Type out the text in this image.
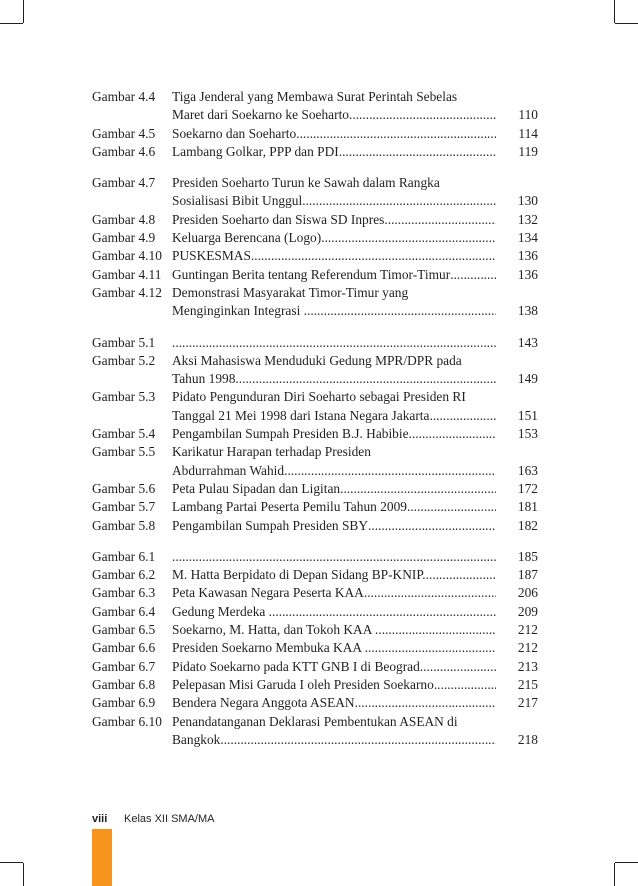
Gambar 4.4 Tiga Jenderal yang Membawa Surat Perintah Sebelas
Maret dari Soekarno ke Soeharto. .....	110
Gambar 4.5 Soekarno dan Soeharto .....	114
Gambar 4.6 Lambang Golkar, PPP dan PDI. .....	119
Gambar 4.7 Presiden Soeharto Turun ke Sawah dalam Rangka
Sosialisasi Bibit Unggul .....	130
Gambar 4.8 Presiden Soeharto dan Siswa SD Inpres. .....	132
Gambar 4.9 Keluarga Berencana (Logo) .....	134
Gambar 4.10 PUSKESMAS .....	136
Gambar 4.11 Guntingan Berita tentang Referendum Timor-Timur .....	136
Gambar 4.12 Demonstrasi Masyarakat Timor-Timur yang
Menginginkan Integrasi . .....	138
Gambar 5.1 .....	143
Gambar 5.2 Aksi Mahasiswa Menduduki Gedung MPR/DPR pada
Tahun 1998 .....	149
Gambar 5.3 Pidato Pengunduran Diri Soeharto sebagai Presiden RI
Tanggal 21 Mei 1998 dari Istana Negara Jakarta. .....	151
Gambar 5.4 Pengambilan Sumpah Presiden B.J. Habibie .....	153
Gambar 5.5 Karikatur Harapan terhadap Presiden
Abdurrahman Wahid .....	163
Gambar 5.6 Peta Pulau Sipadan dan Ligitan .....	172
Gambar 5.7 Lambang Partai Peserta Pemilu Tahun 2009 .....	181
Gambar 5.8 Pengambilan Sumpah Presiden SBY .....	182
Gambar 6.1 .....	185
Gambar 6.2 M. Hatta Berpidato di Depan Sidang BP-KNIP. .....	187
Gambar 6.3 Peta Kawasan Negara Peserta KAA .....	206
Gambar 6.4 Gedung Merdeka . .....	209
Gambar 6.5 Soekarno, M. Hatta, dan Tokoh KAA . .....	212
Gambar 6.6 Presiden Soekarno Membuka KAA . .....	212
Gambar 6.7 Pidato Soekarno pada KTT GNB I di Beograd .....	213
Gambar 6.8 Pelepasan Misi Garuda I oleh Presiden Soekarno .....	215
Gambar 6.9 Bendera Negara Anggota ASEAN .....	217
Gambar 6.10 Penandatanganan Deklarasi Pembentukan ASEAN di
Bangkok. .....	218
viii Kelas XII SMA/MA
